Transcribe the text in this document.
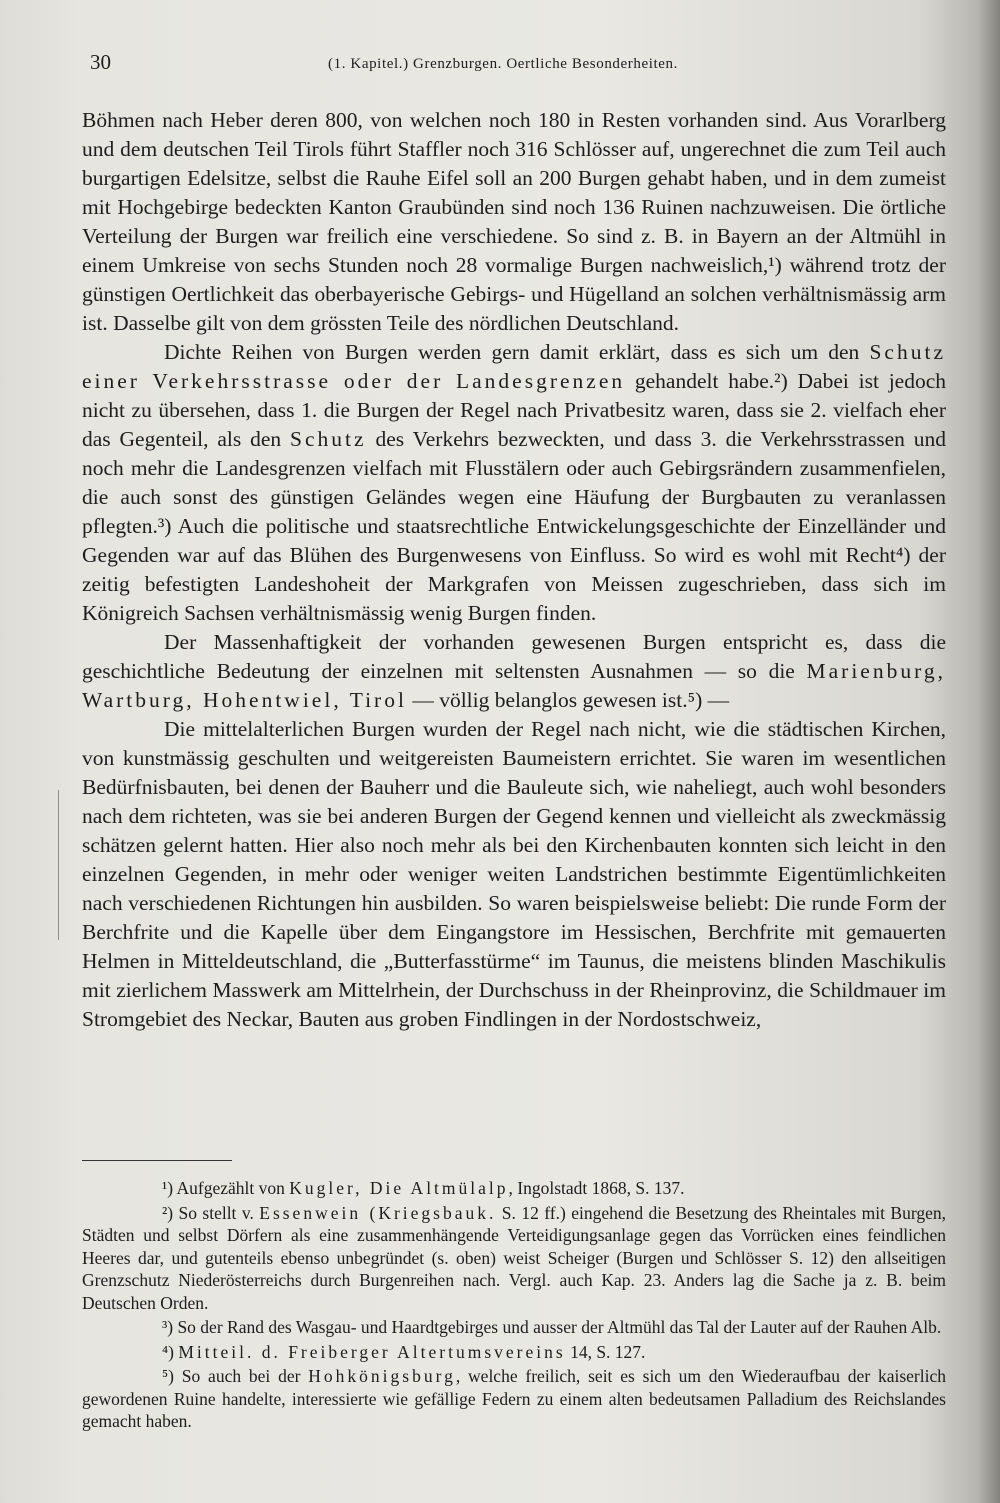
30	(1. Kapitel.) Grenzburgen. Oertliche Besonderheiten.

Böhmen nach Heber deren 800, von welchen noch 180 in Resten vorhanden sind. Aus Vorarlberg und dem deutschen Teil Tirols führt Staffler noch 316 Schlösser auf, ungerechnet die zum Teil auch burgartigen Edelsitze, selbst die Rauhe Eifel soll an 200 Burgen gehabt haben, und in dem zumeist mit Hochgebirge bedeckten Kanton Graubünden sind noch 136 Ruinen nachzuweisen. Die örtliche Verteilung der Burgen war freilich eine verschiedene. So sind z. B. in Bayern an der Altmühl in einem Umkreise von sechs Stunden noch 28 vormalige Burgen nachweislich,¹) während trotz der günstigen Oertlichkeit das oberbayerische Gebirgs- und Hügelland an solchen verhältnismässig arm ist. Dasselbe gilt von dem grössten Teile des nördlichen Deutschland.

Dichte Reihen von Burgen werden gern damit erklärt, dass es sich um den Schutz einer Verkehrsstrasse oder der Landesgrenzen gehandelt habe.²) Dabei ist jedoch nicht zu übersehen, dass 1. die Burgen der Regel nach Privatbesitz waren, dass sie 2. vielfach eher das Gegenteil, als den Schutz des Verkehrs bezweckten, und dass 3. die Verkehrsstrassen und noch mehr die Landesgrenzen vielfach mit Flusstälern oder auch Gebirgsrändern zusammenfielen, die auch sonst des günstigen Geländes wegen eine Häufung der Burgbauten zu veranlassen pflegten.³) Auch die politische und staatsrechtliche Entwickelungsgeschichte der Einzelländer und Gegenden war auf das Blühen des Burgenwesens von Einfluss. So wird es wohl mit Recht⁴) der zeitig befestigten Landeshoheit der Markgrafen von Meissen zugeschrieben, dass sich im Königreich Sachsen verhältnismässig wenig Burgen finden.

Der Massenhaftigkeit der vorhanden gewesenen Burgen entspricht es, dass die geschichtliche Bedeutung der einzelnen mit seltensten Ausnahmen — so die Marienburg, Wartburg, Hohentwiel, Tirol — völlig belanglos gewesen ist.⁵) —

Die mittelalterlichen Burgen wurden der Regel nach nicht, wie die städtischen Kirchen, von kunstmässig geschulten und weitgereisten Baumeistern errichtet. Sie waren im wesentlichen Bedürfnisbauten, bei denen der Bauherr und die Bauleute sich, wie naheliegt, auch wohl besonders nach dem richteten, was sie bei anderen Burgen der Gegend kennen und vielleicht als zweckmässig schätzen gelernt hatten. Hier also noch mehr als bei den Kirchenbauten konnten sich leicht in den einzelnen Gegenden, in mehr oder weniger weiten Landstrichen bestimmte Eigentümlichkeiten nach verschiedenen Richtungen hin ausbilden. So waren beispielsweise beliebt: Die runde Form der Berchfrite und die Kapelle über dem Eingangstore im Hessischen, Berchfrite mit gemauerten Helmen in Mitteldeutschland, die „Butterfasstürme“ im Taunus, die meistens blinden Maschikulis mit zierlichem Masswerk am Mittelrhein, der Durchschuss in der Rheinprovinz, die Schildmauer im Stromgebiet des Neckar, Bauten aus groben Findlingen in der Nordostschweiz,

¹) Aufgezählt von Kugler, Die Altmülalp, Ingolstadt 1868, S. 137.

²) So stellt v. Essenwein (Kriegsbauk. S. 12 ff.) eingehend die Besetzung des Rheintales mit Burgen, Städten und selbst Dörfern als eine zusammenhängende Verteidigungsanlage gegen das Vorrücken eines feindlichen Heeres dar, und gutenteils ebenso unbegründet (s. oben) weist Scheiger (Burgen und Schlösser S. 12) den allseitigen Grenzschutz Niederösterreichs durch Burgenreihen nach. Vergl. auch Kap. 23. Anders lag die Sache ja z. B. beim Deutschen Orden.

³) So der Rand des Wasgau- und Haardtgebirges und ausser der Altmühl das Tal der Lauter auf der Rauhen Alb.

⁴) Mitteil. d. Freiberger Altertumsvereins 14, S. 127.

⁵) So auch bei der Hohkönigsburg, welche freilich, seit es sich um den Wiederaufbau der kaiserlich gewordenen Ruine handelte, interessierte wie gefällige Federn zu einem alten bedeutsamen Palladium des Reichslandes gemacht haben.
